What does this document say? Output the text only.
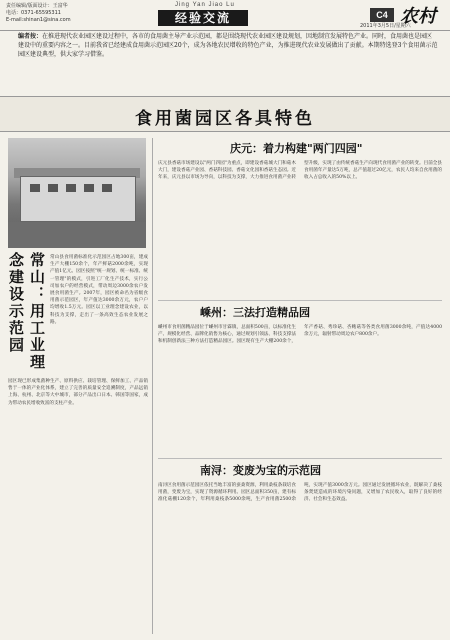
责任编辑/版面设计：王富华
电话：0371-65595311
E-mail:shinan1@sina.com
Jing Yan Jiao Lu
经验交流	C4 农村
2011年3月5日/星期六
编者按：在推进现代农业园区建设过程中，各市的食用菌主导产业示范园，都是围绕现代农业园区建设规划，因地制宜发展特色产业。同时，食用菌也是园区建设中的重要内容之一。目前我省已经建成食用菌示范园区20个，成为各地农民增收的特色产业，为推进现代农业发展做出了贡献。本期特选登3个食用菌示范园区建设典型，供大家学习借鉴。
食用菌园区各具特色
常山：用工业理念建设示范园	常山县食用菌标准化示范园区占地300亩，建成生产大棚150余个，年产鲜菇2000余吨，实现产值1亿元。园区按照"统一规划、统一标准、统一管理"的模式，引进工厂化生产技术，实行公司加农户的经营模式，带动周边3000余农户发展食用菌生产。2007年，园区被命名为省级食用菌示范园区，年产值达3000余万元，农户户均增收1.5万元。园区以工业理念建设农业，以科技为支撑，走出了一条高效生态农业发展之路。
园区现已形成集菌种生产、原料供应、栽培管理、保鲜加工、产品销售于一体的产业化体系，建立了完善的质量安全追溯制度，产品远销上海、杭州、北京等大中城市，部分产品出口日本、韩国等国家，成为带动农民增收致富的支柱产业。
庆元：着力构建"两门四园"
庆元县香菇市场建设以"两门四园"为重点，即建设香菇城大门和菇木大门，建设香菇产业园、香菇科技园、香菇文化园和香菇生态园。近年来，庆元县以市场为导向，以科技为支撑，大力推进食用菌产业转型升级，实现了由传统香菇生产向现代食用菌产业的转变。目前全县食用菌年产量达5万吨，总产值超过20亿元，农民人均来自食用菌的收入占总收入的50%以上。
嵊州：三法打造精品园
嵊州市食用菌精品园位于嵊州市甘霖镇，总面积500亩，以标准化生产、规模化经营、品牌化销售为核心，通过规划引领法、科技支撑法和机制创新法三种方法打造精品园区。园区现有生产大棚200余个，年产香菇、秀珍菇、杏鲍菇等各类食用菌3000余吨，产值达4000余万元，辐射带动周边农户800余户。
南浔：变废为宝的示范园
南浔区食用菌示范园区依托当地丰富的蚕桑资源，利用桑枝条栽培食用菌，变废为宝，实现了资源循环利用。园区总面积350亩，建有标准化菇棚120余个，年利用桑枝条5000余吨，生产食用菌2500余吨，实现产值3000余万元。园区通过发展循环农业，既解决了桑枝条焚烧造成的环境污染问题，又增加了农民收入，取得了良好的经济、社会和生态效益。
